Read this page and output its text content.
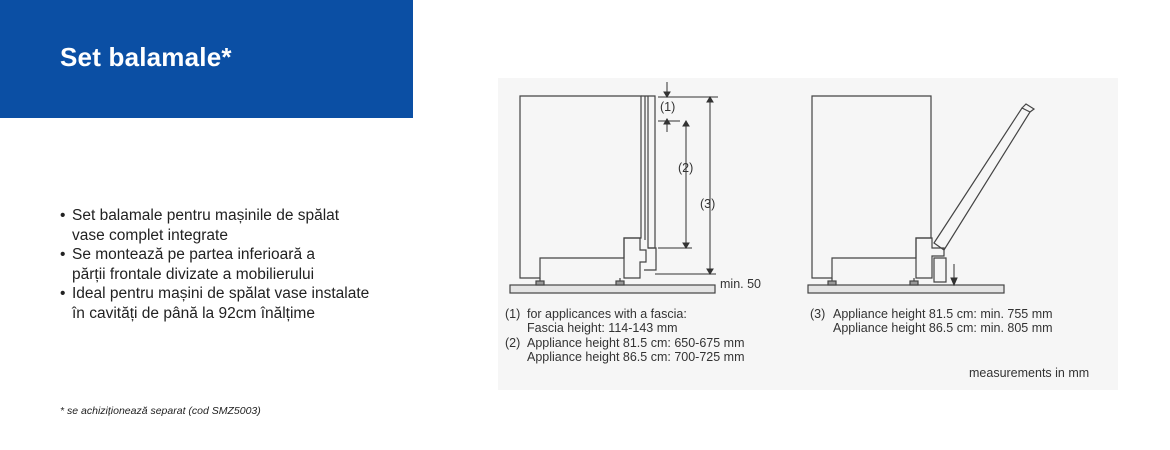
Set balamale*
• Set balamale pentru mașinile de spălat
vase complet integrate
• Se montează pe partea inferioară a
părții frontale divizate a mobilierului
• Ideal pentru mașini de spălat vase instalate
în cavități de până la 92cm înălțime
* se achiziționează separat (cod SMZ5003)
(1)
(2)
(3)
min. 50
(1) for applicances with a fascia:
Fascia height: 114-143 mm
(2) Appliance height 81.5 cm: 650-675 mm
Appliance height 86.5 cm: 700-725 mm
(3) Appliance height 81.5 cm: min. 755 mm
Appliance height 86.5 cm: min. 805 mm
measurements in mm
